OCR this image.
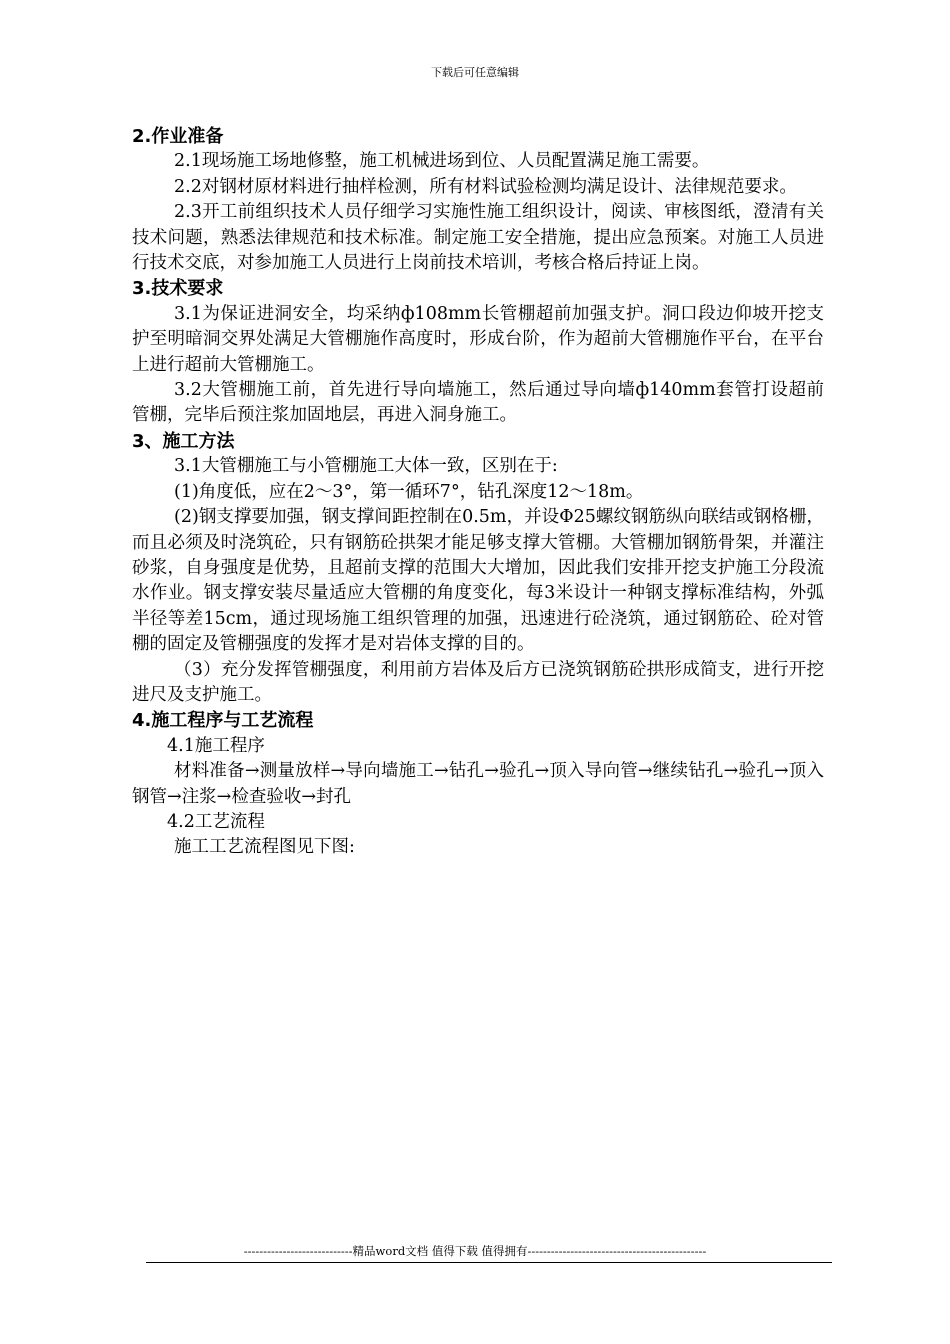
下载后可任意编辑

2.作业准备

2.1现场施工场地修整，施工机械进场到位、人员配置满足施工需要。

2.2对钢材原材料进行抽样检测，所有材料试验检测均满足设计、法律规范要求。

2.3开工前组织技术人员仔细学习实施性施工组织设计，阅读、审核图纸，澄清有关技术问题，熟悉法律规范和技术标准。制定施工安全措施，提出应急预案。对施工人员进行技术交底，对参加施工人员进行上岗前技术培训，考核合格后持证上岗。

3.技术要求

3.1为保证进洞安全，均采纳ф108mm长管棚超前加强支护。洞口段边仰坡开挖支护至明暗洞交界处满足大管棚施作高度时，形成台阶，作为超前大管棚施作平台，在平台上进行超前大管棚施工。

3.2大管棚施工前，首先进行导向墙施工，然后通过导向墙ф140mm套管打设超前管棚，完毕后预注浆加固地层，再进入洞身施工。

3、施工方法

3.1大管棚施工与小管棚施工大体一致，区别在于:

(1)角度低，应在2～3°，第一循环7°，钻孔深度12～18m。

(2)钢支撑要加强，钢支撑间距控制在0.5m，并设Φ25螺纹钢筋纵向联结或钢格栅，而且必须及时浇筑砼，只有钢筋砼拱架才能足够支撑大管棚。大管棚加钢筋骨架，并灌注砂浆，自身强度是优势，且超前支撑的范围大大增加，因此我们安排开挖支护施工分段流水作业。钢支撑安装尽量适应大管棚的角度变化，每3米设计一种钢支撑标准结构，外弧半径等差15cm，通过现场施工组织管理的加强，迅速进行砼浇筑，通过钢筋砼、砼对管棚的固定及管棚强度的发挥才是对岩体支撑的目的。

（3）充分发挥管棚强度，利用前方岩体及后方已浇筑钢筋砼拱形成简支，进行开挖进尺及支护施工。

4.施工程序与工艺流程

4.1施工程序

材料准备→测量放样→导向墙施工→钻孔→验孔→顶入导向管→继续钻孔→验孔→顶入钢管→注浆→检查验收→封孔

4.2工艺流程

施工工艺流程图见下图:

----------------------------精品word文档 值得下载 值得拥有----------------------------------------------
